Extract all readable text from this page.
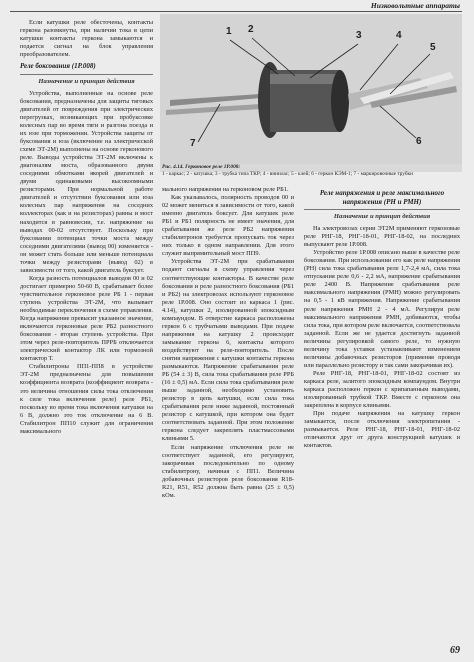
Низковольтные аппараты
1 2
3	4
5
6
7
Рис. 4.14. Герконовое реле 1Р.008:
1 - каркас; 2 - катушка; 3 - трубка типа ТКР; 4 - винилас; 5 - клей; 6 - геркон КЭМ-1; 7 - маркировочные трубки

Если катушки реле обесточены, контакты геркона разомкнуты, при наличии тока в цепи катушки контакты геркона замыкаются и подается сигнал на блок управления преобразователем.

Реле боксования (1Р.008)
Назначение и принцип действия

Устройства, выполненные на основе реле боксования, предназначены для защиты тяговых двигателей от повреждения при электрических перегрузках, возникающих при пробуксовке колесных пар во время тяги и разгона поезда и их юзе при торможении. Устройства защиты от буксования и юза (включение на электрической схеме ЭТ-2М) выполнены на основе герконового реле. Выводы устройства ЭТ-2М включены к диагоналям моста, образованного двумя соседними обмотками якорей двигателей и двумя одинаковыми высокоомными резисторами. При нормальной работе двигателей и отсутствии буксования или юза колесных пар напряжения на соседних коллекторах (как и на резисторах) равны и мост находится в равновесии, т.е. напряжение на выводах 00-02 отсутствует. Поскольку при буксовании потенциал точки моста между соседними двигателями (вывод 00) изменяется - он может стать больше или меньше потенциала точки между резисторами (вывод 02) в зависимости от того, какой двигатель буксует.

Когда разность потенциалов выводов 00 и 02 достигает примерно 50-60 В, срабатывает более чувствительное герконовое реле РБ 1 - первая ступень устройства ЭТ-2М, что вызывает необходимые переключения в схеме управления. Когда напряжение превысит указанное значение, включаются герконовые реле РБ2 разностного боксования - вторая ступень устройства. При этом через реле-повторитель ПРРБ отключается электрический контактор ЛК или тормозной контактор Т.

Стабилитроны ПП1-ПП8 в устройстве ЭТ-2М предназначены для повышения коэффициента возврата (коэффициент возврата - это величина отношения силы тока отключения к силе тока включения реле) реле РБ1, поскольку во время тока включения катушки на 6 В, должно это ток отключение на 6 В. Стабилитрон ПП10 служит для ограничения максимального

мального напряжения на герконовом реле РБ1.

Как указывалось, полярность проводов 00 и 02 может меняться в зависимости от того, какой именно двигатель боксует. Для катушек реле РБ1 и РБ1 полярность не имеет значения, для срабатывания же реле РБ2 напряжения стабилитронов требуется пропускать ток через них только в одном направлении. Для этого служит выпрямительный мост ПП9.

Устройства ЭТ-2М при срабатывании подают сигналы в схему управления через соответствующие контакторы. В качестве реле боксования и реле разностного боксования (РБ1 и РБ2) на электровозах используют герконовое реле 1Р.008. Оно состоит из каркаса 1 (рис. 4.14), катушки 2, изолированной эпоксидным компаундом. В отверстие каркаса расположены геркон 6 с трубчатыми выводами. При подаче напряжения на катушку 2 происходит замыкание геркона 6, контакты которого воздействуют на реле-повторитель. После снятия напряжения с катушки контакты геркона размыкаются. Напряжение срабатывания реле РБ (54 ± 3) В, сила тока срабатывания реле РРБ (16 ± 0,5) мА. Если сила тока срабатывания реле выше заданной, необходимо установить резистор в цепь катушки, если сила тока срабатывания реле ниже заданной, постоянный резистор с катушкой, при котором она будет соответствовать заданной. При этом положение геркона следует закреплять пластмассовыми клиньями 5.

Если напряжение отключения реле не соответствует заданной, его регулируют, закорачивая последовательно по одному стабилитрону, начиная с ПП1. Величина добавочных резисторов реле боксования R18-R21, R51, R52 должна быть равна (25 ± 0,5) кОм.

Реле напряжения и реле максимального напряжения (РН и РМН)
Назначение и принцип действия

На электровозах серии ЭТ2М применяют герконовые реле РНГ-18, РНГ-18-01, РНГ-18-02, на последних выпускают реле 1Р.008.

Устройство реле 1Р.008 описано выше в качестве реле боксования. При использовании его как реле напряжения (РН) сила тока срабатывания реле 1,7-2,4 мА, сила тока отпускания реле 0,6 - 2,2 мА, напряжение срабатывания реле 2400 В. Напряжение срабатывания реле максимального напряжения (РМН) можно регулировать на 0,5 - 1 кВ напряжения. Напряжение срабатывания реле напряжения РМН 2 - 4 мА. Регулируя реле максимального напряжения РМН, добиваются, чтобы сила тока, при котором реле включается, соответствовала заданной. Если же не удается достигнуть заданной величины регулировкой самого реле, то нужную величину тока уставки устанавливают изменением величины добавочных резисторов (применяя проводя или параллельно резистору и так сами закорачивая их).

Реле РНГ-18, РНГ-18-01, РНГ-18-02 состоят из каркаса реле, залитого эпоксидным компаундом. Внутри каркаса расположен геркон с крипапанным выводами, изолированный трубкой ТКР. Вместе с герконом она закреплена в корпусе клиньями.

При подаче напряжения на катушку геркон замыкается, после отключения электропитания - размыкается. Реле РНГ-18, РНГ-18-01, РНГ-18-02 отличаются друг от друга конструкцией катушек и контактов.

69
